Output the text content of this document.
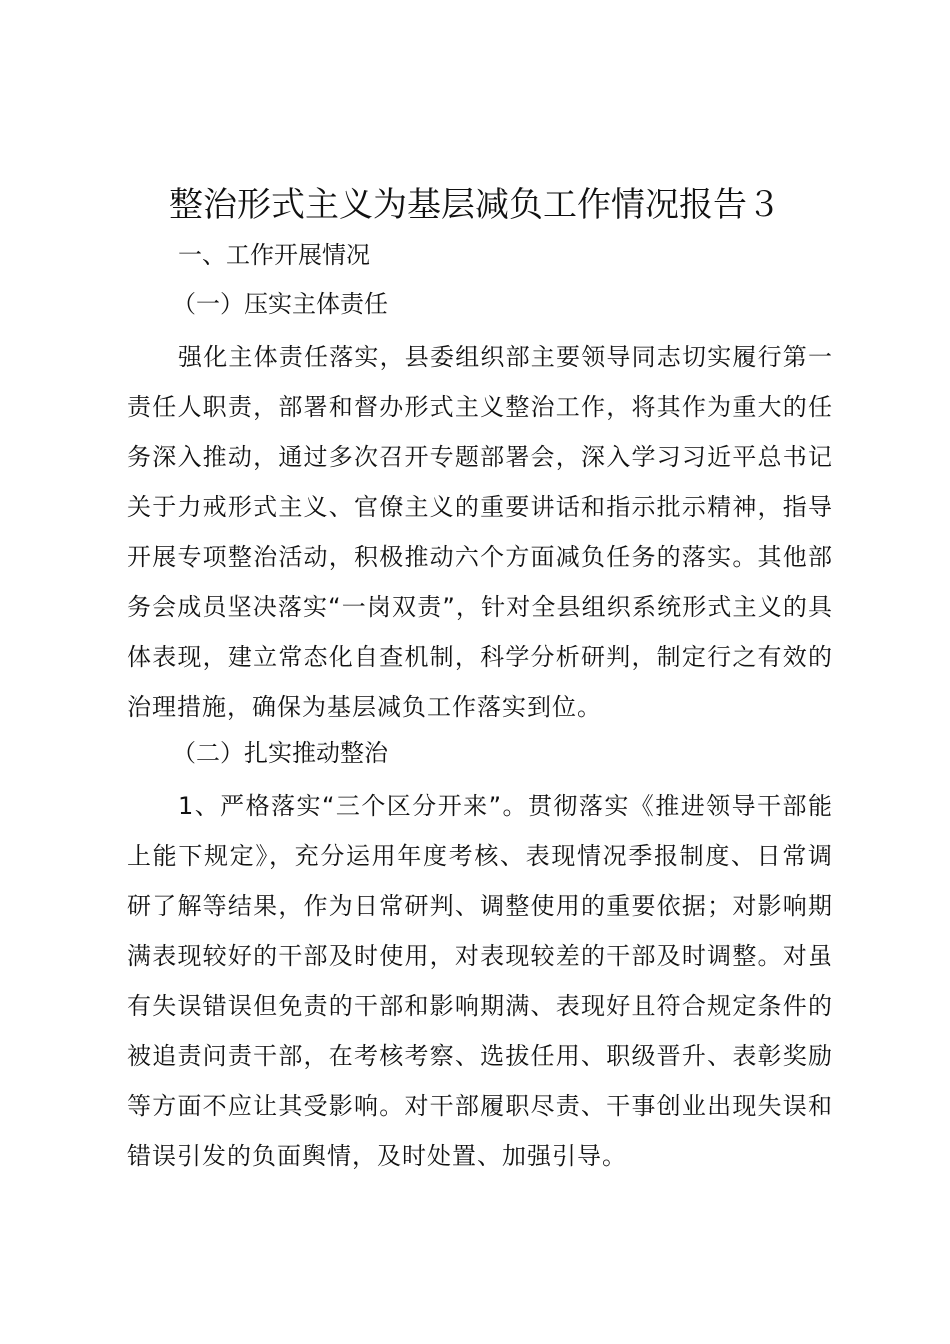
整治形式主义为基层减负工作情况报告３
一、工作开展情况
（一）压实主体责任
强化主体责任落实，县委组织部主要领导同志切实履行第一责任人职责，部署和督办形式主义整治工作，将其作为重大的任务深入推动，通过多次召开专题部署会，深入学习习近平总书记关于力戒形式主义、官僚主义的重要讲话和指示批示精神，指导开展专项整治活动，积极推动六个方面减负任务的落实。其他部务会成员坚决落实“一岗双责”，针对全县组织系统形式主义的具体表现，建立常态化自查机制，科学分析研判，制定行之有效的治理措施，确保为基层减负工作落实到位。
（二）扎实推动整治
1、严格落实“三个区分开来”。贯彻落实《推进领导干部能上能下规定》，充分运用年度考核、表现情况季报制度、日常调研了解等结果，作为日常研判、调整使用的重要依据；对影响期满表现较好的干部及时使用，对表现较差的干部及时调整。对虽有失误错误但免责的干部和影响期满、表现好且符合规定条件的被追责问责干部，在考核考察、选拔任用、职级晋升、表彰奖励等方面不应让其受影响。对干部履职尽责、干事创业出现失误和错误引发的负面舆情，及时处置、加强引导。
